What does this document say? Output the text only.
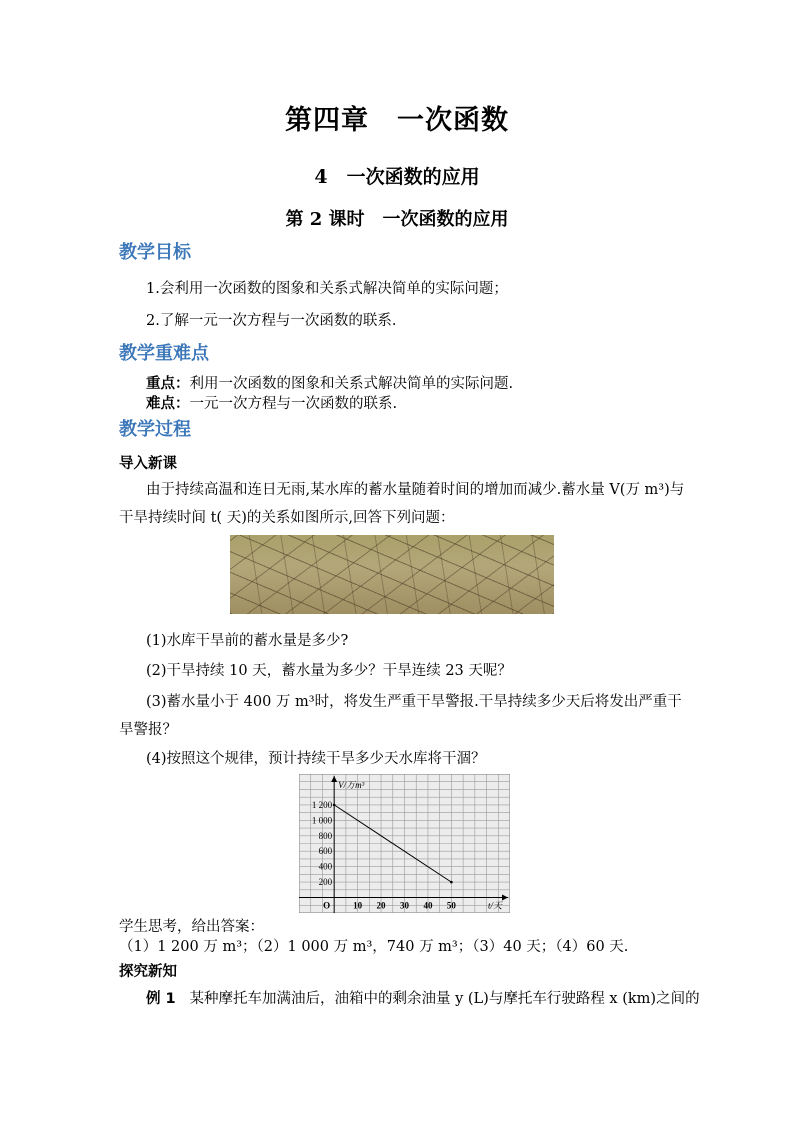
第四章　一次函数
4　一次函数的应用
第 2 课时　一次函数的应用
教学目标
1.会利用一次函数的图象和关系式解决简单的实际问题；
2.了解一元一次方程与一次函数的联系.
教学重难点
重点：利用一次函数的图象和关系式解决简单的实际问题.
难点：一元一次方程与一次函数的联系.
教学过程
导入新课
由于持续高温和连日无雨,某水库的蓄水量随着时间的增加而减少.蓄水量 V(万 m³)与
干旱持续时间 t( 天)的关系如图所示,回答下列问题：
(1)水库干旱前的蓄水量是多少?
(2)干旱持续 10 天，蓄水量为多少？干旱连续 23 天呢？
(3)蓄水量小于 400 万 m³时，将发生严重干旱警报.干旱持续多少天后将发出严重干
旱警报？
(4)按照这个规律，预计持续干旱多少天水库将干涸？
10 20 30 40 50
200
400
600
800
1 000
1 200
O
V/万m³
t/天
学生思考，给出答案：
（1）1 200 万 m³；（2）1 000 万 m³，740 万 m³；（3）40 天；（4）60 天.
探究新知
例 1 某种摩托车加满油后，油箱中的剩余油量 y (L)与摩托车行驶路程 x (km)之间的
